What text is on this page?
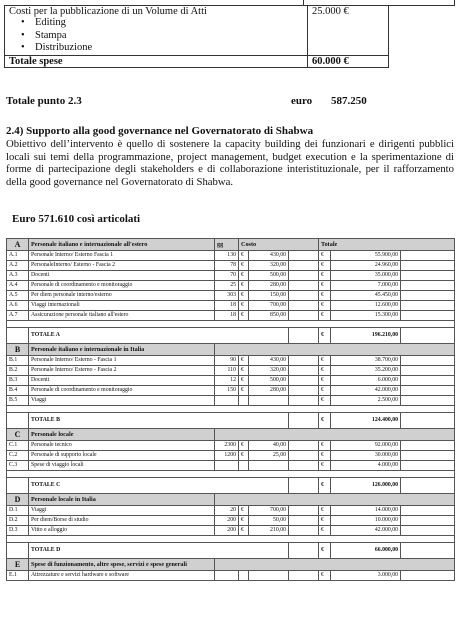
Costi per la pubblicazione di un Volume di Atti
• Editing
• Stampa
• Distribuzione
25.000 €
Totale spese	60.000 €
Totale punto 2.3	euro 587.250
2.4) Supporto alla good governance nel Governatorato di Shabwa
Obiettivo dell’intervento è quello di sostenere la capacity building dei funzionari e dirigenti pubblici locali sui temi della programmazione, project management, budget execution e la sperimentazione di forme di partecipazione degli stakeholders e di collaborazione interistituzionale, per il rafforzamento della good governance nel Governatorato di Shabwa.
Euro 571.610 così articolati
A	Personale italiano e internazionale all'estero	gg	Costo			Totale		
A.1	Personale Interno/ Esterno Fascia 1	130	€	430,00		€	55.900,00	
A.2	PersonaleInterno/ Esterno - Fascia 2	78	€	320,00		€	24.960,00	
A.3	Docenti	70	€	500,00		€	35.000,00	
A.4	Personale di coordinamento e monitoraggio	25	€	280,00		€	7.000,00	
A.5	Per diem personale interno/esterno	303	€	150,00		€	45.450,00	
A.6	Viaggi internazionali	18	€	700,00		€	12.600,00	
A.7	Assicurazione personale italiano all'estero	18	€	850,00		€	15.300,00	

	TOTALE A					€	196.210,00	
B	Personale italiano e internazionale in Italia							
B.1	Personale Interno/ Esterno - Fascia 1	90	€	430,00		€	38.700,00	
B.2	Personale Interno/ Esterno - Fascia 2	110	€	320,00		€	35.200,00	
B.3	Docenti	12	€	500,00		€	6.000,00	
B.4	Personale di coordinamento e monitoraggio	150	€	280,00		€	42.000,00	
B.5	Viaggi					€	2.500,00	

	TOTALE B					€	124.400,00	
C	Personale locale							
C.1	Personale tecnico	2300	€	40,00		€	92.000,00	
C.2	Personale di supporto locale	1200	€	25,00		€	30.000,00	
C.3	Spese di viaggio locali					€	4.000,00	

	TOTALE C					€	126.000,00	
D	Personale locale in Italia							
D.1	Viaggi	20	€	700,00		€	14.000,00	
D.2	Per diem/Borse di studio	200	€	50,00		€	10.000,00	
D.3	Vitto e alloggio	200	€	210,00		€	42.000,00	

	TOTALE D					€	66.000,00	
E	Spese di funzionamento, altre spese, servizi e spese generali							
E.1	Attrezzature e servizi hardware e software					€	3.000,00	
